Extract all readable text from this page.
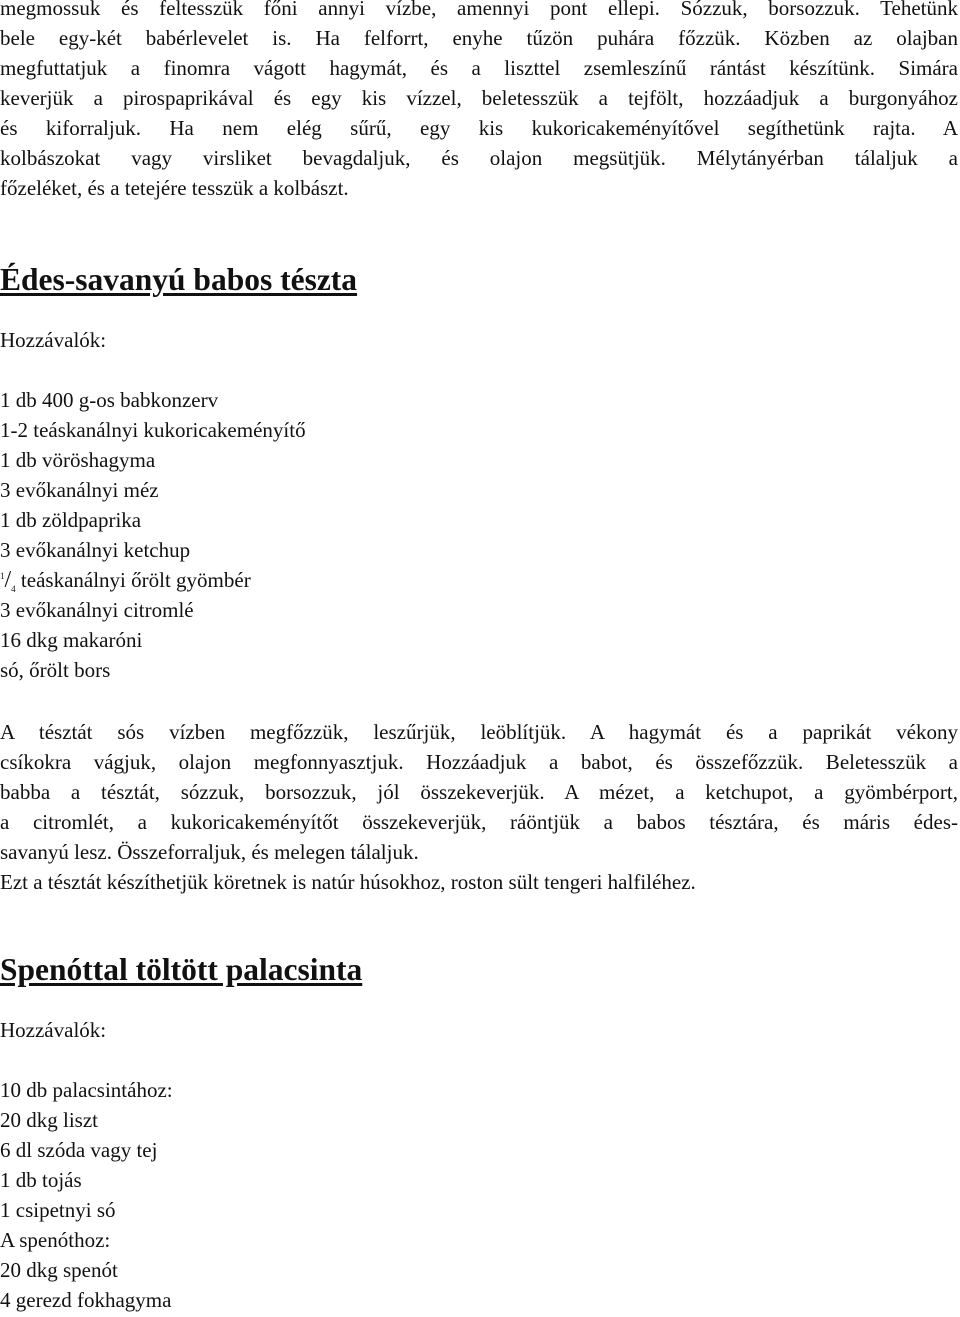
megmossuk és feltesszük főni annyi vízbe, amennyi pont ellepi. Sózzuk, borsozzuk. Tehetünk
bele egy-két babérlevelet is. Ha felforrt, enyhe tűzön puhára főzzük. Közben az olajban
megfuttatjuk a finomra vágott hagymát, és a liszttel zsemleszínű rántást készítünk. Simára
keverjük a pirospaprikával és egy kis vízzel, beletesszük a tejfölt, hozzáadjuk a burgonyához
és kiforraljuk. Ha nem elég sűrű, egy kis kukoricakeményítővel segíthetünk rajta. A
kolbászokat vagy virsliket bevagdaljuk, és olajon megsütjük. Mélytányérban tálaljuk a
főzeléket, és a tetejére tesszük a kolbászt.

Édes-savanyú babos tészta

Hozzávalók:

1 db 400 g-os babkonzerv
1-2 teáskanálnyi kukoricakeményítő
1 db vöröshagyma
3 evőkanálnyi méz
1 db zöldpaprika
3 evőkanálnyi ketchup
$^1/_4$ teáskanálnyi őrölt gyömbér
3 evőkanálnyi citromlé
16 dkg makaróni
só, őrölt bors

A tésztát sós vízben megfőzzük, leszűrjük, leöblítjük. A hagymát és a paprikát vékony
csíkokra vágjuk, olajon megfonnyasztjuk. Hozzáadjuk a babot, és összefőzzük. Beletesszük a
babba a tésztát, sózzuk, borsozzuk, jól összekeverjük. A mézet, a ketchupot, a gyömbérport,
a citromlét, a kukoricakeményítőt összekeverjük, ráöntjük a babos tésztára, és máris édes-
savanyú lesz. Összeforraljuk, és melegen tálaljuk.

Ezt a tésztát készíthetjük köretnek is natúr húsokhoz, roston sült tengeri halfiléhez.

Spenóttal töltött palacsinta

Hozzávalók:

10 db palacsintához:
20 dkg liszt
6 dl szóda vagy tej
1 db tojás
1 csipetnyi só
A spenóthoz:
20 dkg spenót
4 gerezd fokhagyma
